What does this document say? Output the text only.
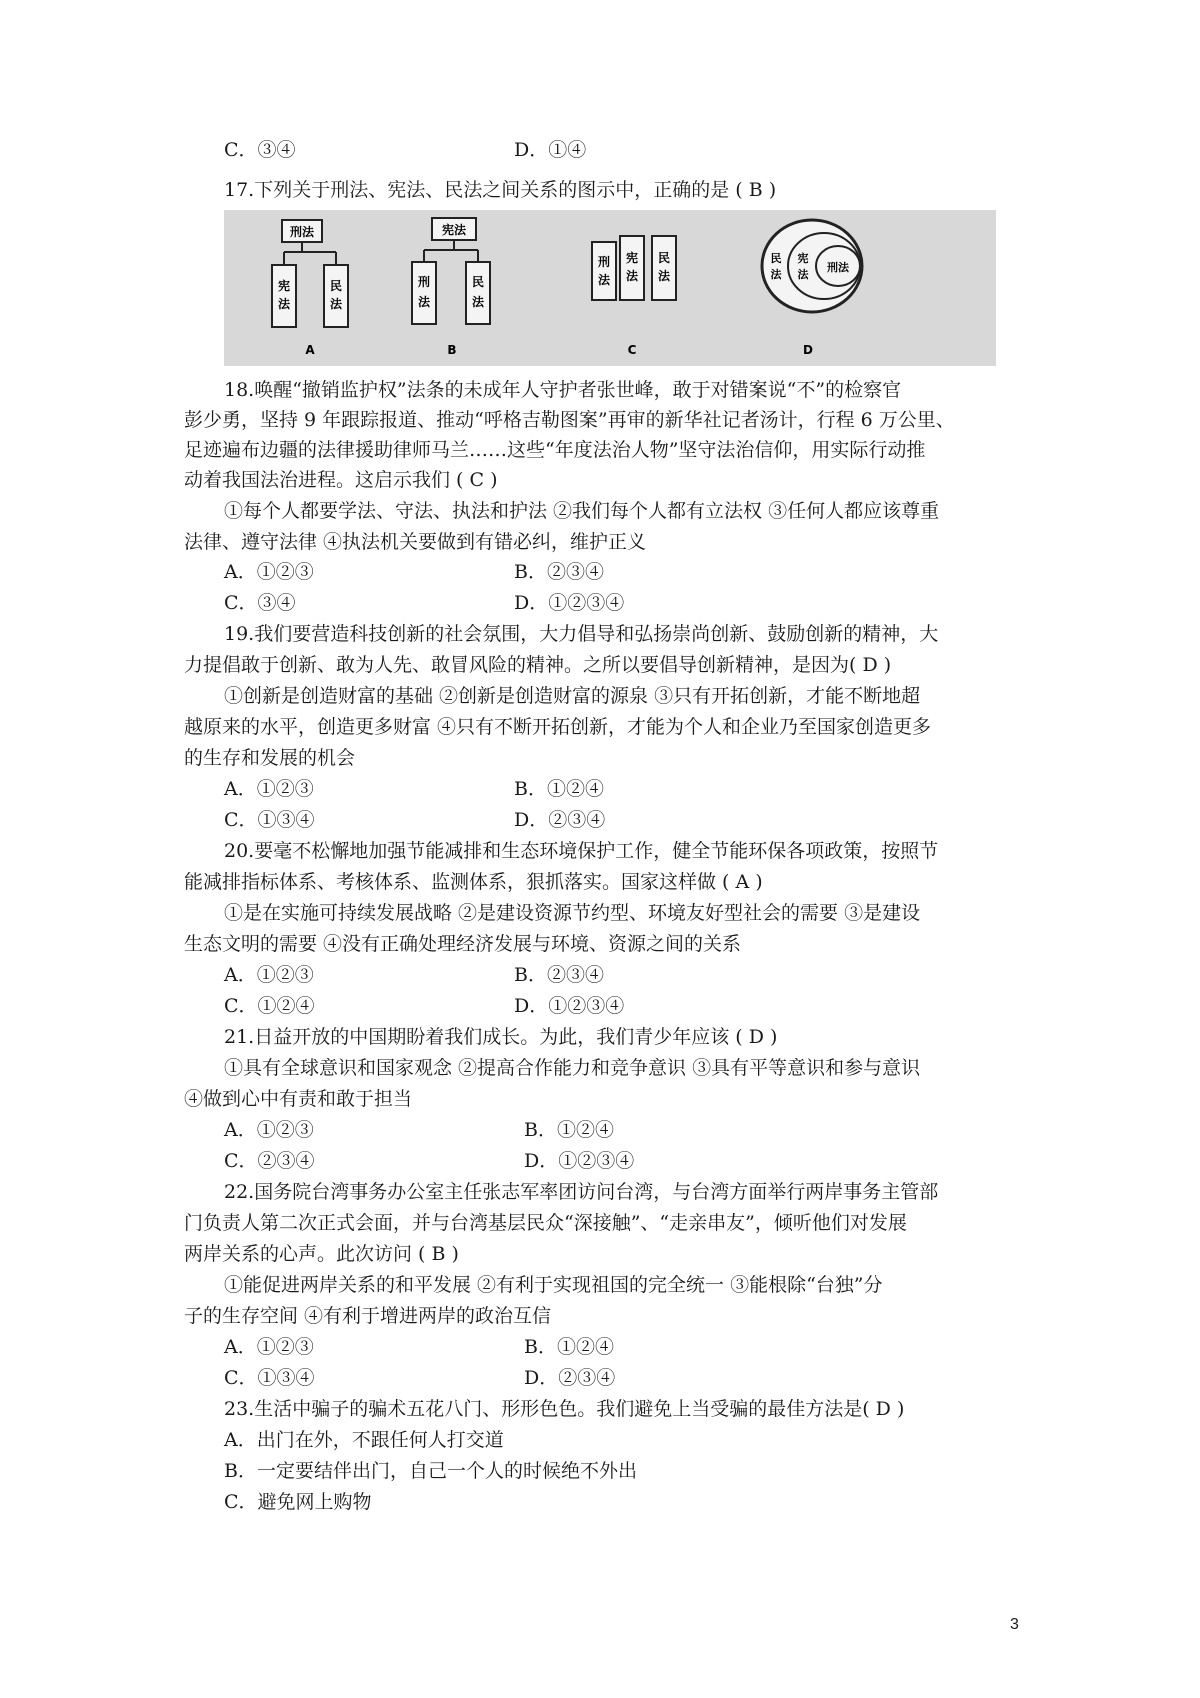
C．③④	D．①④
17.下列关于刑法、宪法、民法之间关系的图示中，正确的是 ( B )
刑法
宪
法
民
法
A
宪法
刑
法
民
法
B
刑
法
宪
法
民
法
C
民
法
宪
法
刑法
D
18.唤醒“撤销监护权”法条的未成年人守护者张世峰，敢于对错案说“不”的检察官
彭少勇，坚持 9 年跟踪报道、推动“呼格吉勒图案”再审的新华社记者汤计，行程 6 万公里、
足迹遍布边疆的法律援助律师马兰……这些“年度法治人物”坚守法治信仰，用实际行动推
动着我国法治进程。这启示我们 ( C )
①每个人都要学法、守法、执法和护法 ②我们每个人都有立法权 ③任何人都应该尊重
法律、遵守法律 ④执法机关要做到有错必纠，维护正义
A．①②③	B．②③④
C．③④	D．①②③④
19.我们要营造科技创新的社会氛围，大力倡导和弘扬崇尚创新、鼓励创新的精神，大
力提倡敢于创新、敢为人先、敢冒风险的精神。之所以要倡导创新精神，是因为( D )
①创新是创造财富的基础 ②创新是创造财富的源泉 ③只有开拓创新，才能不断地超
越原来的水平，创造更多财富 ④只有不断开拓创新，才能为个人和企业乃至国家创造更多
的生存和发展的机会
A．①②③	B．①②④
C．①③④	D．②③④
20.要毫不松懈地加强节能减排和生态环境保护工作，健全节能环保各项政策，按照节
能减排指标体系、考核体系、监测体系，狠抓落实。国家这样做 ( A )
①是在实施可持续发展战略 ②是建设资源节约型、环境友好型社会的需要 ③是建设
生态文明的需要 ④没有正确处理经济发展与环境、资源之间的关系
A．①②③	B．②③④
C．①②④	D．①②③④
21.日益开放的中国期盼着我们成长。为此，我们青少年应该 ( D )
①具有全球意识和国家观念 ②提高合作能力和竞争意识 ③具有平等意识和参与意识
④做到心中有责和敢于担当
A．①②③	B．①②④
C．②③④	D．①②③④
22.国务院台湾事务办公室主任张志军率团访问台湾，与台湾方面举行两岸事务主管部
门负责人第二次正式会面，并与台湾基层民众“深接触”、“走亲串友”，倾听他们对发展
两岸关系的心声。此次访问 ( B )
①能促进两岸关系的和平发展 ②有利于实现祖国的完全统一 ③能根除“台独”分
子的生存空间 ④有利于增进两岸的政治互信
A．①②③	B．①②④
C．①③④	D．②③④
23.生活中骗子的骗术五花八门、形形色色。我们避免上当受骗的最佳方法是( D )
A．出门在外，不跟任何人打交道
B．一定要结伴出门，自己一个人的时候绝不外出
C．避免网上购物
3
